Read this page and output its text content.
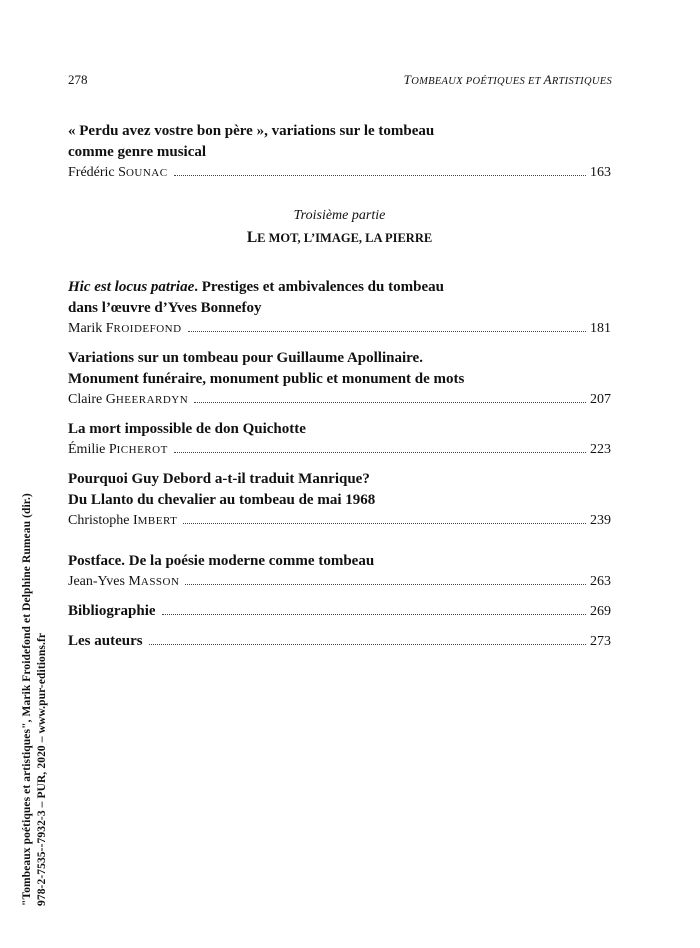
278	TOMBEAUX POÉTIQUES ET ARTISTIQUES
« Perdu avez vostre bon père », variations sur le tombeau
comme genre musical
Frédéric SOUNAC	163
Troisième partie
LE MOT, L’IMAGE, LA PIERRE
Hic est locus patriae. Prestiges et ambivalences du tombeau
dans l’œuvre d’Yves Bonnefoy
Marik FROIDEFOND	181
Variations sur un tombeau pour Guillaume Apollinaire.
Monument funéraire, monument public et monument de mots
Claire GHEERARDYN	207
La mort impossible de don Quichotte
Émilie PICHEROT	223
Pourquoi Guy Debord a-t-il traduit Manrique?
Du Llanto du chevalier au tombeau de mai 1968
Christophe IMBERT	239
Postface. De la poésie moderne comme tombeau
Jean-Yves MASSON	263
Bibliographie	269
Les auteurs	273
"Tombeaux poétiques et artistiques", Marik Froidefond et Delphine Rumeau (dir.) 978-2-7535--7932-3 – PUR, 2020 – www.pur-editions.fr
